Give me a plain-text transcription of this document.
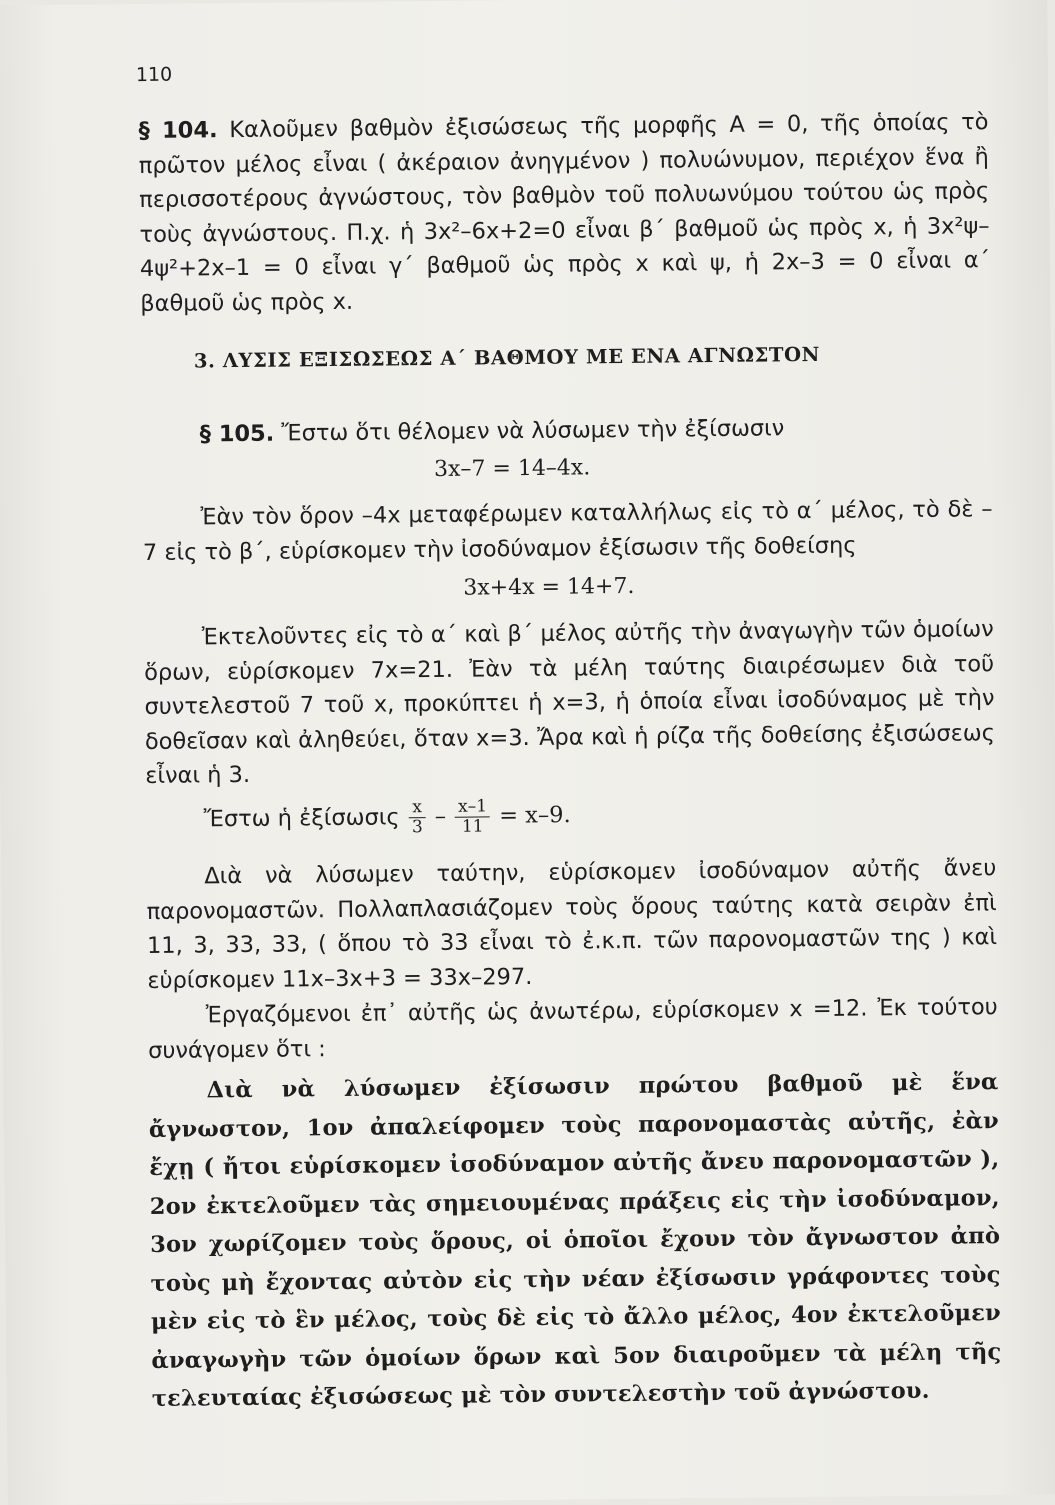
110

§ 104. Καλοῦμεν βαθμὸν ἐξισώσεως τῆς μορφῆς Α = 0, τῆς ὁποίας τὸ πρῶτον μέλος εἶναι ( ἀκέραιον ἀνηγμένον ) πολυώνυμον, περιέχον ἕνα ἢ περισσοτέρους ἀγνώστους, τὸν βαθμὸν τοῦ πολυωνύμου τούτου ὡς πρὸς τοὺς ἀγνώστους. Π.χ. ἡ 3x²–6x+2=0 εἶναι β΄ βαθμοῦ ὡς πρὸς x, ἡ 3x²ψ–4ψ²+2x–1 = 0 εἶναι γ΄ βαθμοῦ ὡς πρὸς x καὶ ψ, ἡ 2x–3 = 0 εἶναι α΄ βαθμοῦ ὡς πρὸς x.

3. ΛΥΣΙΣ ΕΞΙΣΩΣΕΩΣ Α΄ ΒΑΘΜΟΥ ΜΕ ΕΝΑ ΑΓΝΩΣΤΟΝ

§ 105. Ἔστω ὅτι θέλομεν νὰ λύσωμεν τὴν ἐξίσωσιν

3x–7 = 14–4x.

Ἐὰν τὸν ὅρον –4x μεταφέρωμεν καταλλήλως εἰς τὸ α΄ μέλος, τὸ δὲ –7 εἰς τὸ β΄, εὑρίσκομεν τὴν ἰσοδύναμον ἐξίσωσιν τῆς δοθείσης

3x+4x = 14+7.

Ἐκτελοῦντες εἰς τὸ α΄ καὶ β΄ μέλος αὐτῆς τὴν ἀναγωγὴν τῶν ὁμοίων ὅρων, εὑρίσκομεν 7x=21. Ἐὰν τὰ μέλη ταύτης διαιρέσωμεν διὰ τοῦ συντελεστοῦ 7 τοῦ x, προκύπτει ἡ x=3, ἡ ὁποία εἶναι ἰσοδύναμος μὲ τὴν δοθεῖσαν καὶ ἀληθεύει, ὅταν x=3. Ἄρα καὶ ἡ ρίζα τῆς δοθείσης ἐξισώσεως εἶναι ἡ 3.

Ἔστω ἡ ἐξίσωσις $\frac{x}{3} - \frac{x-1}{11} = x-9$.

Διὰ νὰ λύσωμεν ταύτην, εὑρίσκομεν ἰσοδύναμον αὐτῆς ἄνευ παρονομαστῶν. Πολλαπλασιάζομεν τοὺς ὅρους ταύτης κατὰ σειρὰν ἐπὶ 11, 3, 33, 33, ( ὅπου τὸ 33 εἶναι τὸ ἐ.κ.π. τῶν παρονομαστῶν της ) καὶ εὑρίσκομεν 11x–3x+3 = 33x–297.

Ἐργαζόμενοι ἐπ᾿ αὐτῆς ὡς ἀνωτέρω, εὑρίσκομεν x =12. Ἐκ τούτου συνάγομεν ὅτι :

Διὰ νὰ λύσωμεν ἐξίσωσιν πρώτου βαθμοῦ μὲ ἕνα ἄγνωστον, 1ον ἀπαλείφομεν τοὺς παρονομαστὰς αὐτῆς, ἐὰν ἔχῃ ( ἤτοι εὑρίσκομεν ἰσοδύναμον αὐτῆς ἄνευ παρονομαστῶν ), 2ον ἐκτελοῦμεν τὰς σημειουμένας πράξεις εἰς τὴν ἰσοδύναμον, 3ον χωρίζομεν τοὺς ὅρους, οἱ ὁποῖοι ἔχουν τὸν ἄγνωστον ἀπὸ τοὺς μὴ ἔχοντας αὐτὸν εἰς τὴν νέαν ἐξίσωσιν γράφοντες τοὺς μὲν εἰς τὸ ἓν μέλος, τοὺς δὲ εἰς τὸ ἄλλο μέλος, 4ον ἐκτελοῦμεν ἀναγωγὴν τῶν ὁμοίων ὅρων καὶ 5ον διαιροῦμεν τὰ μέλη τῆς τελευταίας ἐξισώσεως μὲ τὸν συντελεστὴν τοῦ ἀγνώστου.
